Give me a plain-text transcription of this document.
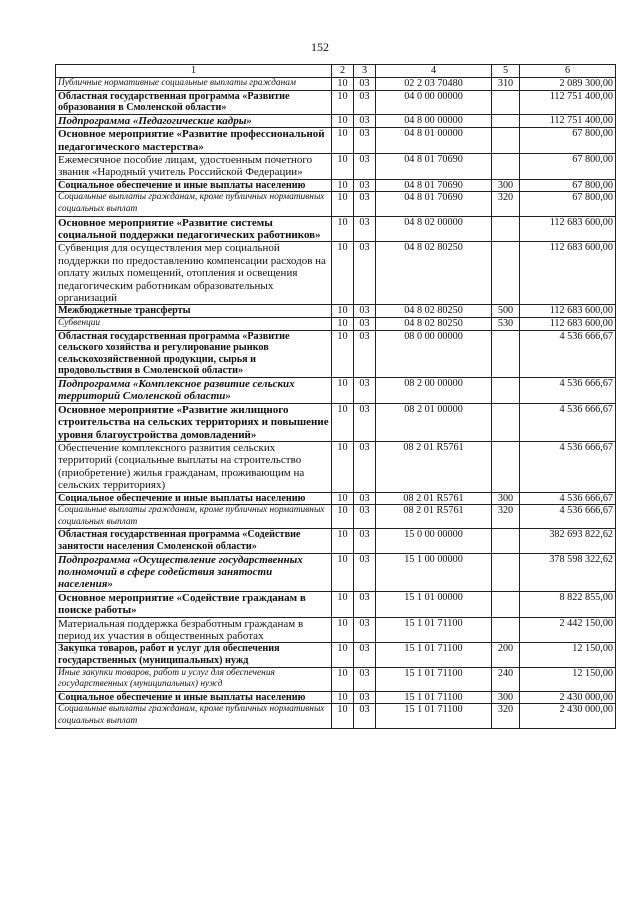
152
1	2	3	4	5	6
Публичные нормативные социальные выплаты гражданам	10	03	02 2 03 70480	310	2 089 300,00
Областная государственная программа «Развитие образования в Смоленской области»	10	03	04 0 00 00000		112 751 400,00
Подпрограмма «Педагогические кадры»	10	03	04 8 00 00000		112 751 400,00
Основное мероприятие «Развитие профессиональной педагогического мастерства»	10	03	04 8 01 00000		67 800,00
Ежемесячное пособие лицам, удостоенным почетного звания «Народный учитель Российской Федерации»	10	03	04 8 01 70690		67 800,00
Социальное обеспечение и иные выплаты населению	10	03	04 8 01 70690	300	67 800,00
Социальные выплаты гражданам, кроме публичных нормативных социальных выплат	10	03	04 8 01 70690	320	67 800,00
Основное мероприятие «Развитие системы социальной поддержки педагогических работников»	10	03	04 8 02 00000		112 683 600,00
Субвенция для осуществления мер социальной поддержки по предоставлению компенсации расходов на оплату жилых помещений, отопления и освещения педагогическим работникам образовательных организаций	10	03	04 8 02 80250		112 683 600,00
Межбюджетные трансферты	10	03	04 8 02 80250	500	112 683 600,00
Субвенции	10	03	04 8 02 80250	530	112 683 600,00
Областная государственная программа «Развитие сельского хозяйства и регулирование рынков сельскохозяйственной продукции, сырья и продовольствия в Смоленской области»	10	03	08 0 00 00000		4 536 666,67
Подпрограмма «Комплексное развитие сельских территорий Смоленской области»	10	03	08 2 00 00000		4 536 666,67
Основное мероприятие «Развитие жилищного строительства на сельских территориях и повышение уровня благоустройства домовладений»	10	03	08 2 01 00000		4 536 666,67
Обеспечение комплексного развития сельских территорий (социальные выплаты на строительство (приобретение) жилья гражданам, проживающим на сельских территориях)	10	03	08 2 01 R5761		4 536 666,67
Социальное обеспечение и иные выплаты населению	10	03	08 2 01 R5761	300	4 536 666,67
Социальные выплаты гражданам, кроме публичных нормативных социальных выплат	10	03	08 2 01 R5761	320	4 536 666,67
Областная государственная программа «Содействие занятости населения Смоленской области»	10	03	15 0 00 00000		382 693 822,62
Подпрограмма «Осуществление государственных полномочий в сфере содействия занятости населения»	10	03	15 1 00 00000		378 598 322,62
Основное мероприятие «Содействие гражданам в поиске работы»	10	03	15 1 01 00000		8 822 855,00
Материальная поддержка безработным гражданам в период их участия в общественных работах	10	03	15 1 01 71100		2 442 150,00
Закупка товаров, работ и услуг для обеспечения государственных (муниципальных) нужд	10	03	15 1 01 71100	200	12 150,00
Иные закупки товаров, работ и услуг для обеспечения государственных (муниципальных) нужд	10	03	15 1 01 71100	240	12 150,00
Социальное обеспечение и иные выплаты населению	10	03	15 1 01 71100	300	2 430 000,00
Социальные выплаты гражданам, кроме публичных нормативных социальных выплат	10	03	15 1 01 71100	320	2 430 000,00
